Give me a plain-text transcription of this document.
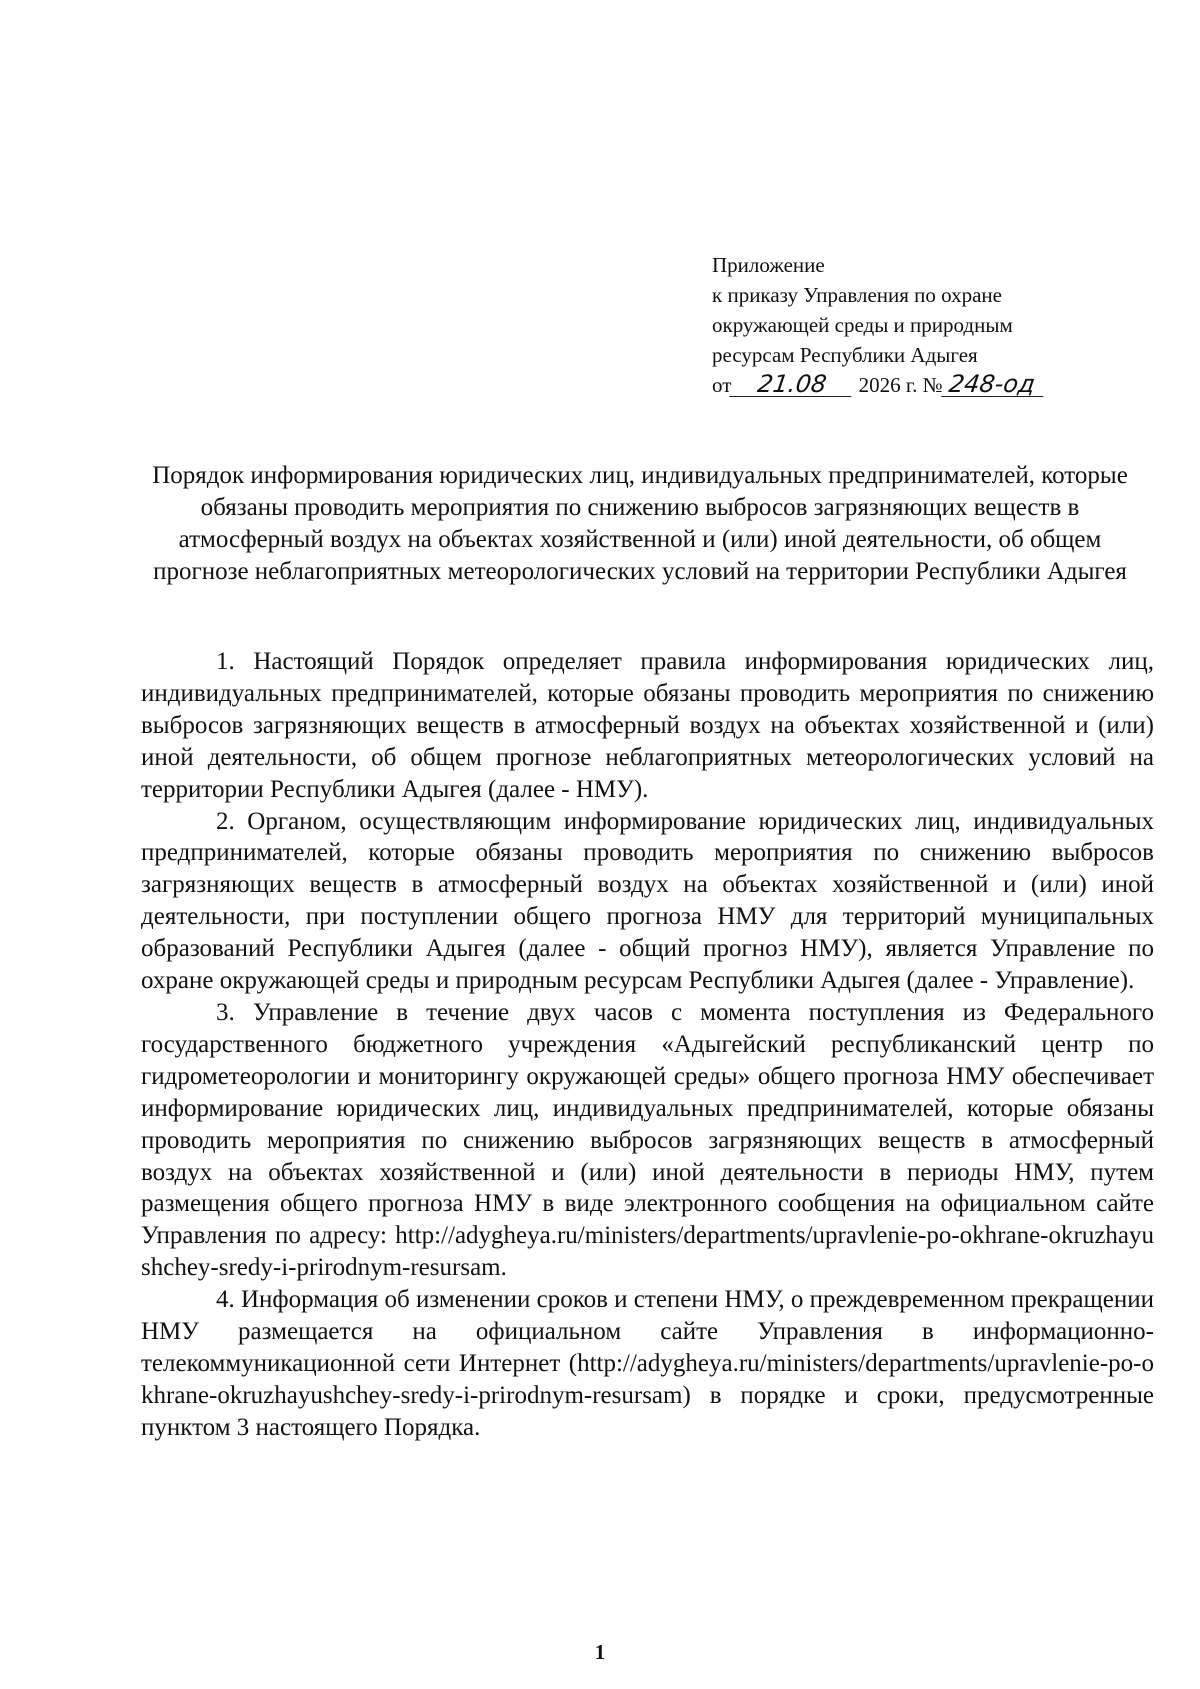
Приложение
к приказу Управления по охране
окружающей среды и природным
ресурсам Республики Адыгея
от 21.08 2026 г. № 248-од
Порядок информирования юридических лиц, индивидуальных предпринимателей, которые обязаны проводить мероприятия по снижению выбросов загрязняющих веществ в атмосферный воздух на объектах хозяйственной и (или) иной деятельности, об общем прогнозе неблагоприятных метеорологических условий на территории Республики Адыгея

1. Настоящий Порядок определяет правила информирования юридических лиц, индивидуальных предпринимателей, которые обязаны проводить мероприятия по снижению выбросов загрязняющих веществ в атмосферный воздух на объектах хозяйственной и (или) иной деятельности, об общем прогнозе неблагоприятных метеорологических условий на территории Республики Адыгея (далее - НМУ).

2. Органом, осуществляющим информирование юридических лиц, индивидуальных предпринимателей, которые обязаны проводить мероприятия по снижению выбросов загрязняющих веществ в атмосферный воздух на объектах хозяйственной и (или) иной деятельности, при поступлении общего прогноза НМУ для территорий муниципальных образований Республики Адыгея (далее - общий прогноз НМУ), является Управление по охране окружающей среды и природным ресурсам Республики Адыгея (далее - Управление).

3. Управление в течение двух часов с момента поступления из Федерального государственного бюджетного учреждения «Адыгейский республиканский центр по гидрометеорологии и мониторингу окружающей среды» общего прогноза НМУ обеспечивает информирование юридических лиц, индивидуальных предпринимателей, которые обязаны проводить мероприятия по снижению выбросов загрязняющих веществ в атмосферный воздух на объектах хозяйственной и (или) иной деятельности в периоды НМУ, путем размещения общего прогноза НМУ в виде электронного сообщения на официальном сайте Управления по адресу: http://adygheya.ru/ministers/departments/upravlenie-po-okhrane-okruzhayushchey-sredy-i-prirodnym-resursam.

4. Информация об изменении сроков и степени НМУ, о преждевременном прекращении НМУ размещается на официальном сайте Управления в информационно-телекоммуникационной сети Интернет (http://adygheya.ru/ministers/departments/upravlenie-po-okhrane-okruzhayushchey-sredy-i-prirodnym-resursam) в порядке и сроки, предусмотренные пунктом 3 настоящего Порядка.

1
